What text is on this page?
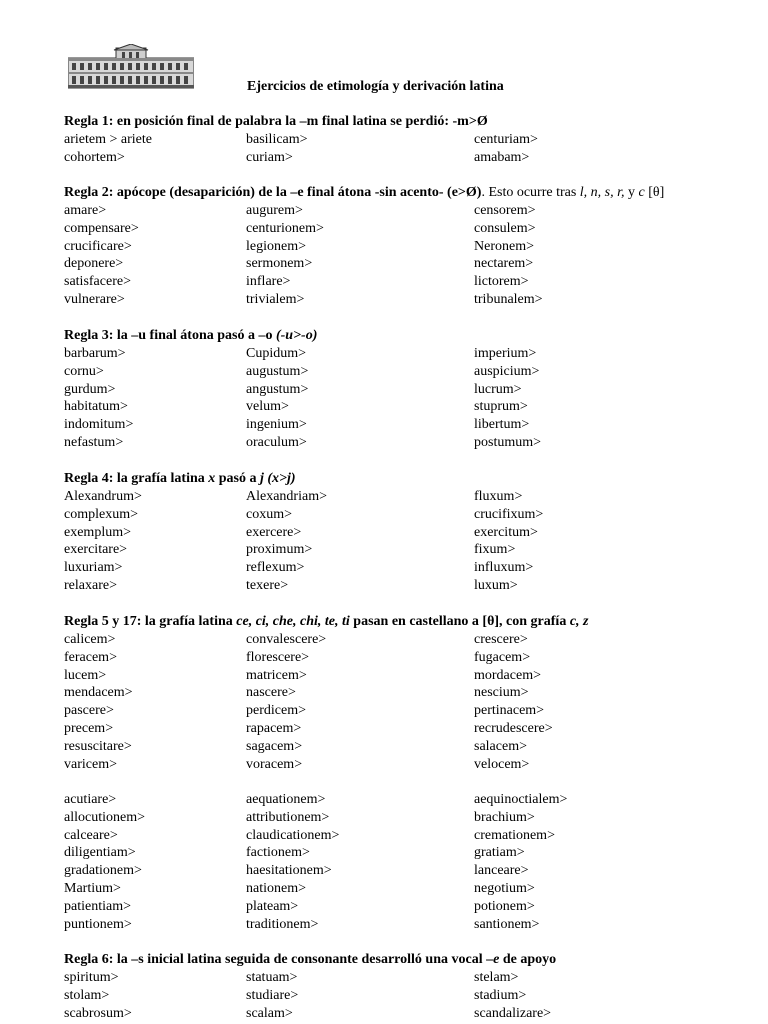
Ejercicios de etimología y derivación latina
Regla 1: en posición final de palabra la –m final latina se perdió: -m>Ø
arietem > ariete	basilicam>	centuriam>
cohortem>	curiam>	amabam>
Regla 2: apócope (desaparición) de la –e final átona -sin acento- (e>Ø). Esto ocurre tras l, n, s, r, y c [θ]
amare>	augurem>	censorem>
compensare>	centurionem>	consulem>
crucificare>	legionem>	Neronem>
deponere>	sermonem>	nectarem>
satisfacere>	inflare>	lictorem>
vulnerare>	trivialem>	tribunalem>
Regla 3: la –u final átona pasó a –o (-u>-o)
barbarum>	Cupidum>	imperium>
cornu>	augustum>	auspicium>
gurdum>	angustum>	lucrum>
habitatum>	velum>	stuprum>
indomitum>	ingenium>	libertum>
nefastum>	oraculum>	postumum>
Regla 4: la grafía latina x pasó a j (x>j)
Alexandrum>	Alexandriam>	fluxum>
complexum>	coxum>	crucifixum>
exemplum>	exercere>	exercitum>
exercitare>	proximum>	fixum>
luxuriam>	reflexum>	influxum>
relaxare>	texere>	luxum>
Regla 5 y 17: la grafía latina ce, ci, che, chi, te, ti pasan en castellano a [θ], con grafía c, z
calicem>	convalescere>	crescere>
feracem>	florescere>	fugacem>
lucem>	matricem>	mordacem>
mendacem>	nascere>	nescium>
pascere>	perdicem>	pertinacem>
precem>	rapacem>	recrudescere>
resuscitare>	sagacem>	salacem>
varicem>	voracem>	velocem>
acutiare>	aequationem>	aequinoctialem>
allocutionem>	attributionem>	brachium>
calceare>	claudicationem>	cremationem>
diligentiam>	factionem>	gratiam>
gradationem>	haesitationem>	lanceare>
Martium>	nationem>	negotium>
patientiam>	plateam>	potionem>
puntionem>	traditionem>	santionem>
Regla 6: la –s inicial latina seguida de consonante desarrolló una vocal –e de apoyo
spiritum>	statuam>	stelam>
stolam>	studiare>	stadium>
scabrosum>	scalam>	scandalizare>
